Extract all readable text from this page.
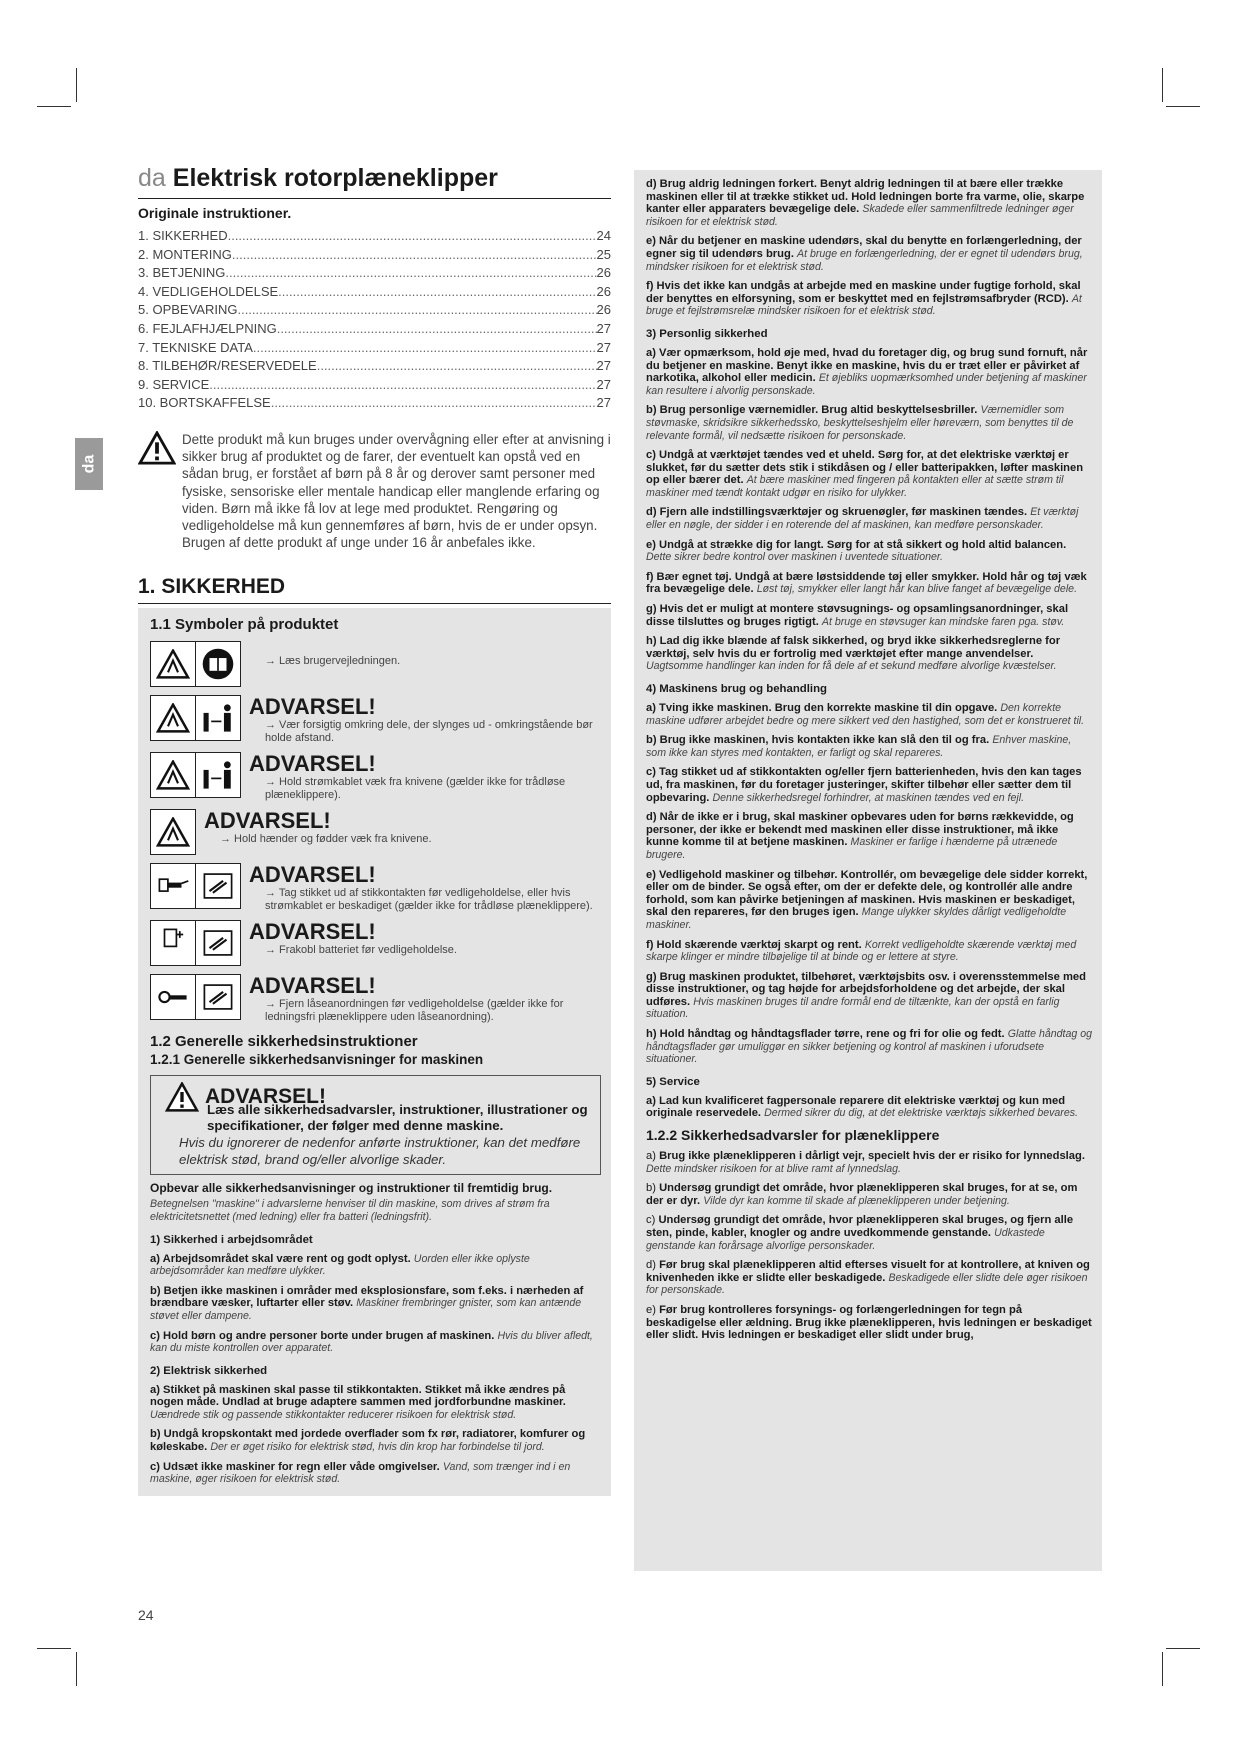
da
da Elektrisk rotorplæneklipper
Originale instruktioner.
1. SIKKERHED .....	24
2. MONTERING .....	25
3. BETJENING .....	26
4. VEDLIGEHOLDELSE .....	26
5. OPBEVARING .....	26
6. FEJLAFHJÆLPNING .....	27
7. TEKNISKE DATA .....	27
8. TILBEHØR/RESERVEDELE .....	27
9. SERVICE .....	27
10. BORTSKAFFELSE .....	27
Dette produkt må kun bruges under overvågning eller efter at anvisning i sikker brug af produktet og de farer, der eventuelt kan opstå ved en sådan brug, er forstået af børn på 8 år og derover samt personer med fysiske, sensoriske eller mentale handicap eller manglende erfaring og viden. Børn må ikke få lov at lege med produktet. Rengøring og vedligeholdelse må kun gennemføres af børn, hvis de er under opsyn. Brugen af dette produkt af unge under 16 år anbefales ikke.
1. SIKKERHED
1.1 Symboler på produktet
→ Læs brugervejledningen.
ADVARSEL!
→ Vær forsigtig omkring dele, der slynges ud - omkringstående bør holde afstand.
ADVARSEL!
→ Hold strømkablet væk fra knivene (gælder ikke for trådløse plæneklippere).
ADVARSEL!
→ Hold hænder og fødder væk fra knivene.
ADVARSEL!
→ Tag stikket ud af stikkontakten før vedligeholdelse, eller hvis strømkablet er beskadiget (gælder ikke for trådløse plæneklippere).
ADVARSEL!
→ Frakobl batteriet før vedligeholdelse.
ADVARSEL!
→ Fjern låseanordningen før vedligeholdelse (gælder ikke for ledningsfri plæneklippere uden låseanordning).
1.2 Generelle sikkerhedsinstruktioner
1.2.1 Generelle sikkerhedsanvisninger for maskinen
ADVARSEL!
Læs alle sikkerhedsadvarsler, instruktioner, illustrationer og specifikationer, der følger med denne maskine.
Hvis du ignorerer de nedenfor anførte instruktioner, kan det medføre elektrisk stød, brand og/eller alvorlige skader.
Opbevar alle sikkerhedsanvisninger og instruktioner til fremtidig brug.
Betegnelsen "maskine" i advarslerne henviser til din maskine, som drives af strøm fra elektricitetsnettet (med ledning) eller fra batteri (ledningsfrit).
1) Sikkerhed i arbejdsområdet
a) Arbejdsområdet skal være rent og godt oplyst. Uorden eller ikke oplyste arbejdsområder kan medføre ulykker.
b) Betjen ikke maskinen i områder med eksplosionsfare, som f.eks. i nærheden af brændbare væsker, luftarter eller støv. Maskiner frembringer gnister, som kan antænde støvet eller dampene.
c) Hold børn og andre personer borte under brugen af maskinen. Hvis du bliver afledt, kan du miste kontrollen over apparatet.
2) Elektrisk sikkerhed
a) Stikket på maskinen skal passe til stikkontakten. Stikket må ikke ændres på nogen måde. Undlad at bruge adaptere sammen med jordforbundne maskiner. Uændrede stik og passende stikkontakter reducerer risikoen for elektrisk stød.
b) Undgå kropskontakt med jordede overflader som fx rør, radiatorer, komfurer og køleskabe. Der er øget risiko for elektrisk stød, hvis din krop har forbindelse til jord.
c) Udsæt ikke maskiner for regn eller våde omgivelser. Vand, som trænger ind i en maskine, øger risikoen for elektrisk stød.
d) Brug aldrig ledningen forkert. Benyt aldrig ledningen til at bære eller trække maskinen eller til at trække stikket ud. Hold ledningen borte fra varme, olie, skarpe kanter eller apparaters bevægelige dele. Skadede eller sammenfiltrede ledninger øger risikoen for et elektrisk stød.
e) Når du betjener en maskine udendørs, skal du benytte en forlængerledning, der egner sig til udendørs brug. At bruge en forlængerledning, der er egnet til udendørs brug, mindsker risikoen for et elektrisk stød.
f) Hvis det ikke kan undgås at arbejde med en maskine under fugtige forhold, skal der benyttes en elforsyning, som er beskyttet med en fejlstrømsafbryder (RCD). At bruge et fejlstrømsrelæ mindsker risikoen for et elektrisk stød.
3) Personlig sikkerhed
a) Vær opmærksom, hold øje med, hvad du foretager dig, og brug sund fornuft, når du betjener en maskine. Benyt ikke en maskine, hvis du er træt eller er påvirket af narkotika, alkohol eller medicin. Et øjebliks uopmærksomhed under betjening af maskiner kan resultere i alvorlig personskade.
b) Brug personlige værnemidler. Brug altid beskyttelsesbriller. Værnemidler som støvmaske, skridsikre sikkerhedssko, beskyttelseshjelm eller høreværn, som benyttes til de relevante formål, vil nedsætte risikoen for personskade.
c) Undgå at værktøjet tændes ved et uheld. Sørg for, at det elektriske værktøj er slukket, før du sætter dets stik i stikdåsen og / eller batteripakken, løfter maskinen op eller bærer det. At bære maskiner med fingeren på kontakten eller at sætte strøm til maskiner med tændt kontakt udgør en risiko for ulykker.
d) Fjern alle indstillingsværktøjer og skruenøgler, før maskinen tændes. Et værktøj eller en nøgle, der sidder i en roterende del af maskinen, kan medføre personskader.
e) Undgå at strække dig for langt. Sørg for at stå sikkert og hold altid balancen. Dette sikrer bedre kontrol over maskinen i uventede situationer.
f) Bær egnet tøj. Undgå at bære løstsiddende tøj eller smykker. Hold hår og tøj væk fra bevægelige dele. Løst tøj, smykker eller langt hår kan blive fanget af bevægelige dele.
g) Hvis det er muligt at montere støvsugnings- og opsamlingsanordninger, skal disse tilsluttes og bruges rigtigt. At bruge en støvsuger kan mindske faren pga. støv.
h) Lad dig ikke blænde af falsk sikkerhed, og bryd ikke sikkerhedsreglerne for værktøj, selv hvis du er fortrolig med værktøjet efter mange anvendelser. Uagtsomme handlinger kan inden for få dele af et sekund medføre alvorlige kvæstelser.
4) Maskinens brug og behandling
a) Tving ikke maskinen. Brug den korrekte maskine til din opgave. Den korrekte maskine udfører arbejdet bedre og mere sikkert ved den hastighed, som det er konstrueret til.
b) Brug ikke maskinen, hvis kontakten ikke kan slå den til og fra. Enhver maskine, som ikke kan styres med kontakten, er farligt og skal repareres.
c) Tag stikket ud af stikkontakten og/eller fjern batterienheden, hvis den kan tages ud, fra maskinen, før du foretager justeringer, skifter tilbehør eller sætter dem til opbevaring. Denne sikkerhedsregel forhindrer, at maskinen tændes ved en fejl.
d) Når de ikke er i brug, skal maskiner opbevares uden for børns rækkevidde, og personer, der ikke er bekendt med maskinen eller disse instruktioner, må ikke kunne komme til at betjene maskinen. Maskiner er farlige i hænderne på utrænede brugere.
e) Vedligehold maskiner og tilbehør. Kontrollér, om bevægelige dele sidder korrekt, eller om de binder. Se også efter, om der er defekte dele, og kontrollér alle andre forhold, som kan påvirke betjeningen af maskinen. Hvis maskinen er beskadiget, skal den repareres, før den bruges igen. Mange ulykker skyldes dårligt vedligeholdte maskiner.
f) Hold skærende værktøj skarpt og rent. Korrekt vedligeholdte skærende værktøj med skarpe klinger er mindre tilbøjelige til at binde og er lettere at styre.
g) Brug maskinen produktet, tilbehøret, værktøjsbits osv. i overensstemmelse med disse instruktioner, og tag højde for arbejdsforholdene og det arbejde, der skal udføres. Hvis maskinen bruges til andre formål end de tiltænkte, kan der opstå en farlig situation.
h) Hold håndtag og håndtagsflader tørre, rene og fri for olie og fedt. Glatte håndtag og håndtagsflader gør umuliggør en sikker betjening og kontrol af maskinen i uforudsete situationer.
5) Service
a) Lad kun kvalificeret fagpersonale reparere dit elektriske værktøj og kun med originale reservedele. Dermed sikrer du dig, at det elektriske værktøjs sikkerhed bevares.
1.2.2 Sikkerhedsadvarsler for plæneklippere
a) Brug ikke plæneklipperen i dårligt vejr, specielt hvis der er risiko for lynnedslag. Dette mindsker risikoen for at blive ramt af lynnedslag.
b) Undersøg grundigt det område, hvor plæneklipperen skal bruges, for at se, om der er dyr. Vilde dyr kan komme til skade af plæneklipperen under betjening.
c) Undersøg grundigt det område, hvor plæneklipperen skal bruges, og fjern alle sten, pinde, kabler, knogler og andre uvedkommende genstande. Udkastede genstande kan forårsage alvorlige personskader.
d) Før brug skal plæneklipperen altid efterses visuelt for at kontrollere, at kniven og knivenheden ikke er slidte eller beskadigede. Beskadigede eller slidte dele øger risikoen for personskade.
e) Før brug kontrolleres forsynings- og forlængerledningen for tegn på beskadigelse eller ældning. Brug ikke plæneklipperen, hvis ledningen er beskadiget eller slidt. Hvis ledningen er beskadiget eller slidt under brug,
24
